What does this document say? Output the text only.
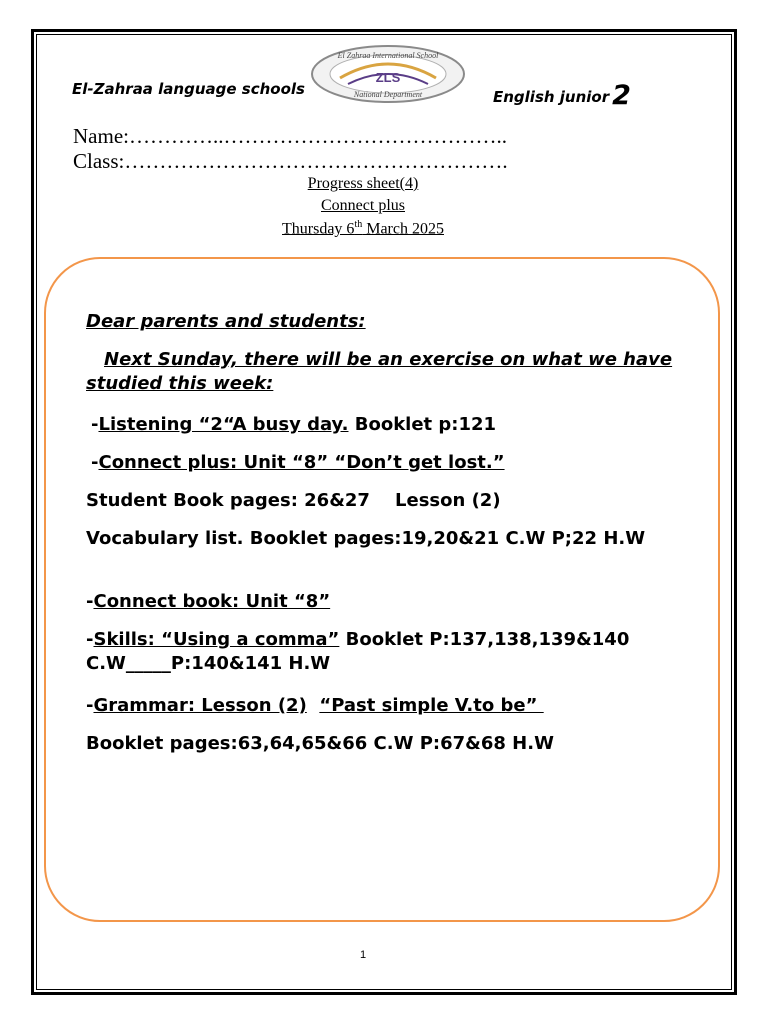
El-Zahraa language schools
El Zahraa International School
ZLS
National Department	English junior 2
Name:…………..…………………………………..
Class:……………………………………………….
Progress sheet(4)
Connect plus
Thursday 6th March 2025
Dear parents and students:
Next Sunday, there will be an exercise on what we have studied this week:
-Listening “2“A busy day. Booklet p:121
-Connect plus: Unit “8” “Don’t get lost.”
Student Book pages: 26&27    Lesson (2)
Vocabulary list. Booklet pages:19,20&21 C.W P;22 H.W
-Connect book: Unit “8”
-Skills: “Using a comma” Booklet P:137,138,139&140 C.W_____P:140&141 H.W
-Grammar: Lesson (2) “Past simple V.to be”
Booklet pages:63,64,65&66 C.W P:67&68 H.W
1
